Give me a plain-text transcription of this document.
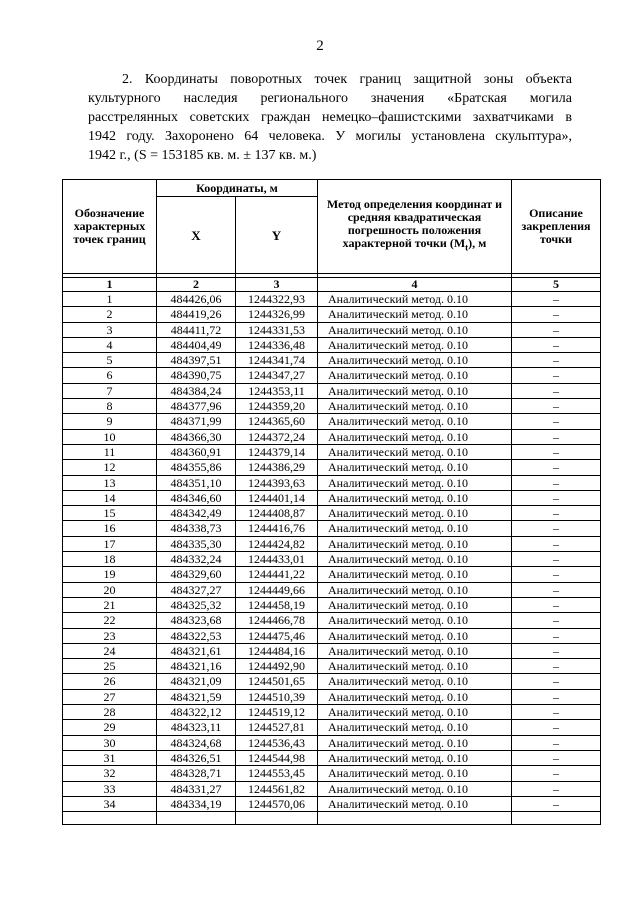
2

2. Координаты поворотных точек границ защитной зоны объекта
культурного наследия регионального значения «Братская могила
расстрелянных советских граждан немецко–фашистскими захватчиками в
1942 году. Захоронено 64 человека. У могилы установлена скульптура»,
1942 г., (S = 153185 кв. м. ± 137 кв. м.)

Обозначение характерных точек границ	Координаты, м		Метод определения координат и средняя квадратическая погрешность положения характерной точки $(M_t)$, м	Описание закрепления точки
	X	Y		

1	2	3	4	5
1	484426,06	1244322,93	Аналитический метод. 0.10	–
2	484419,26	1244326,99	Аналитический метод. 0.10	–
3	484411,72	1244331,53	Аналитический метод. 0.10	–
4	484404,49	1244336,48	Аналитический метод. 0.10	–
5	484397,51	1244341,74	Аналитический метод. 0.10	–
6	484390,75	1244347,27	Аналитический метод. 0.10	–
7	484384,24	1244353,11	Аналитический метод. 0.10	–
8	484377,96	1244359,20	Аналитический метод. 0.10	–
9	484371,99	1244365,60	Аналитический метод. 0.10	–
10	484366,30	1244372,24	Аналитический метод. 0.10	–
11	484360,91	1244379,14	Аналитический метод. 0.10	–
12	484355,86	1244386,29	Аналитический метод. 0.10	–
13	484351,10	1244393,63	Аналитический метод. 0.10	–
14	484346,60	1244401,14	Аналитический метод. 0.10	–
15	484342,49	1244408,87	Аналитический метод. 0.10	–
16	484338,73	1244416,76	Аналитический метод. 0.10	–
17	484335,30	1244424,82	Аналитический метод. 0.10	–
18	484332,24	1244433,01	Аналитический метод. 0.10	–
19	484329,60	1244441,22	Аналитический метод. 0.10	–
20	484327,27	1244449,66	Аналитический метод. 0.10	–
21	484325,32	1244458,19	Аналитический метод. 0.10	–
22	484323,68	1244466,78	Аналитический метод. 0.10	–
23	484322,53	1244475,46	Аналитический метод. 0.10	–
24	484321,61	1244484,16	Аналитический метод. 0.10	–
25	484321,16	1244492,90	Аналитический метод. 0.10	–
26	484321,09	1244501,65	Аналитический метод. 0.10	–
27	484321,59	1244510,39	Аналитический метод. 0.10	–
28	484322,12	1244519,12	Аналитический метод. 0.10	–
29	484323,11	1244527,81	Аналитический метод. 0.10	–
30	484324,68	1244536,43	Аналитический метод. 0.10	–
31	484326,51	1244544,98	Аналитический метод. 0.10	–
32	484328,71	1244553,45	Аналитический метод. 0.10	–
33	484331,27	1244561,82	Аналитический метод. 0.10	–
34	484334,19	1244570,06	Аналитический метод. 0.10	–
